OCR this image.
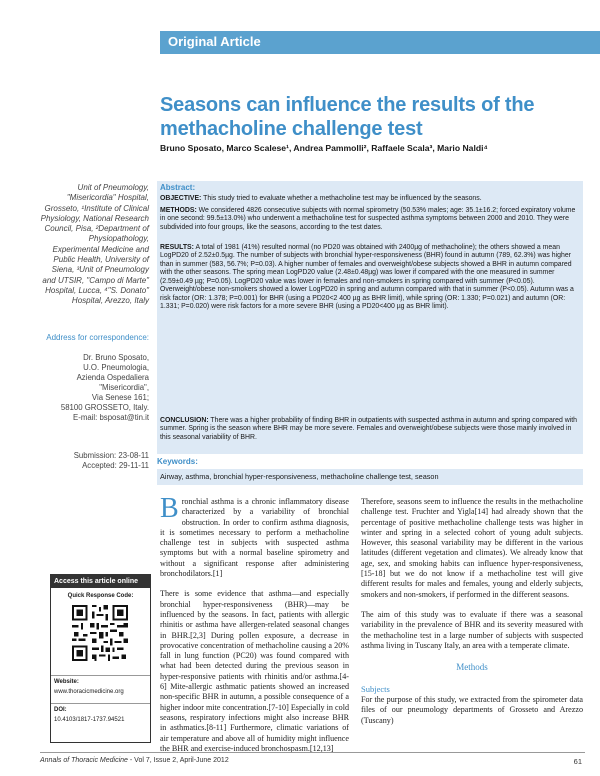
Original Article
Seasons can influence the results of the methacholine challenge test
Bruno Sposato, Marco Scalese¹, Andrea Pammolli², Raffaele Scala³, Mario Naldi⁴

Unit of Pneumology, "Misericordia" Hospital, Grosseto, ¹Institute of Clinical Physiology, National Research Council, Pisa, ²Department of Physiopathology, Experimental Medicine and Public Health, University of Siena, ³Unit of Pneumology and UTSIR, "Campo di Marte" Hospital, Lucca, ⁴"S. Donato" Hospital, Arezzo, Italy

Address for correspondence:

Dr. Bruno Sposato,
U.O. Pneumologia,
Azienda Ospedaliera
"Misericordia",
Via Senese 161;
58100 GROSSETO, Italy.
E-mail: bsposat@tin.it

Submission: 23-08-11
Accepted: 29-11-11

Abstract:

OBJECTIVE: This study tried to evaluate whether a methacholine test may be influenced by the seasons.

METHODS: We considered 4826 consecutive subjects with normal spirometry (50.53% males; age: 35.1±16.2; forced expiratory volume in one second: 99.5±13.0%) who underwent a methacholine test for suspected asthma symptoms between 2000 and 2010. They were subdivided into four groups, like the seasons, according to the test dates.

RESULTS: A total of 1981 (41%) resulted normal (no PD20 was obtained with 2400µg of methacholine); the others showed a mean LogPD20 of 2.52±0.5µg. The number of subjects with bronchial hyper-responsiveness (BHR) found in autumn (789, 62.3%) was higher than in summer (583, 56.7%; P=0.03). A higher number of females and overweight/obese subjects showed a BHR in autumn compared with the other seasons. The spring mean LogPD20 value (2.48±0.48µg) was lower if compared with the one measured in summer (2.59±0.49 µg; P=0.05). LogPD20 value was lower in females and non-smokers in spring compared with summer (P<0.05). Overweight/obese non-smokers showed a lower LogPD20 in spring and autumn compared with that in summer (P<0.05). Autumn was a risk factor (OR: 1.378; P=0.001) for BHR (using a PD20<2 400 µg as BHR limit), while spring (OR: 1.330; P=0.021) and autumn (OR: 1.331; P=0.020) were risk factors for a more severe BHR (using a PD20<400 µg as BHR limit).

CONCLUSION: There was a higher probability of finding BHR in outpatients with suspected asthma in autumn and spring compared with summer. Spring is the season where BHR may be more severe. Females and overweight/obese subjects were those mainly involved in this seasonal variability of BHR.

Keywords:

Airway, asthma, bronchial hyper-responsiveness, methacholine challenge test, season

B ronchial asthma is a chronic inflammatory disease characterized by a variability of bronchial obstruction. In order to confirm asthma diagnosis, it is sometimes necessary to perform a methacholine challenge test in subjects with suspected asthma symptoms but with a normal baseline spirometry and without a significant response after administering bronchodilators.[1]

There is some evidence that asthma—and especially bronchial hyper-responsiveness (BHR)—may be influenced by the seasons. In fact, patients with allergic rhinitis or asthma have allergen-related seasonal changes in BHR.[2,3] During pollen exposure, a decrease in provocative concentration of methacholine causing a 20% fall in lung function (PC20) was found compared with what had been detected during the previous season in hyper-responsive patients with rhinitis and/or asthma.[4-6] Mite-allergic asthmatic patients showed an increased non-specific BHR in autumn, a possible consequence of a higher indoor mite concentration.[7-10] Especially in cold seasons, respiratory infections might also increase BHR in asthmatics.[8-11] Furthermore, climatic variations of air temperature and above all of humidity might influence the BHR and exercise-induced bronchospasm.[12,13]

Therefore, seasons seem to influence the results in the methacholine challenge test. Fruchter and Yigla[14] had already shown that the percentage of positive methacholine challenge tests was higher in winter and spring in a selected cohort of young adult subjects. However, this seasonal variability may be different in the various latitudes (different vegetation and climates). We already know that age, sex, and smoking habits can influence hyper-responsiveness,[15-18] but we do not know if a methacholine test will give different results for males and females, young and elderly subjects, smokers and non-smokers, if performed in the different seasons.

The aim of this study was to evaluate if there was a seasonal variability in the prevalence of BHR and its severity measured with the methacholine test in a large number of subjects with suspected asthma living in Tuscany Italy, an area with a temperate climate.

Methods

Subjects

For the purpose of this study, we extracted from the spirometer data files of our pneumology departments of Grosseto and Arezzo (Tuscany)

Access this article online
Quick Response Code:
Website:
www.thoracicmedicine.org
DOI:
10.4103/1817-1737.94521
Annals of Thoracic Medicine - Vol 7, Issue 2, April-June 2012	61
